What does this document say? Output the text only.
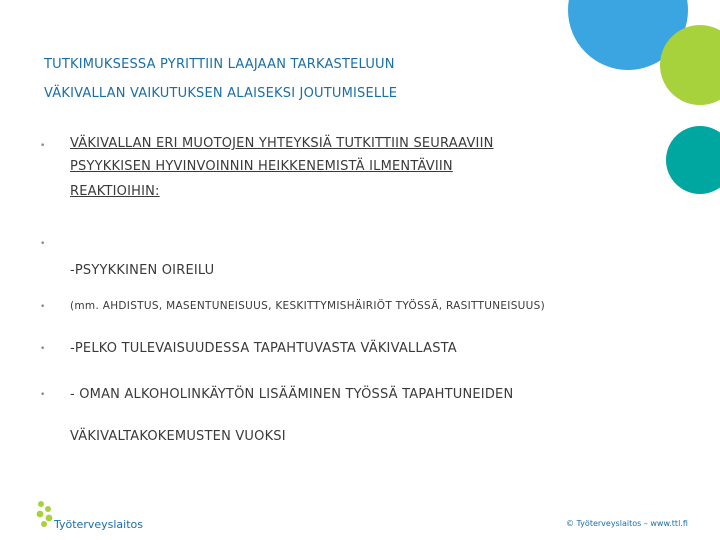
TUTKIMUKSESSA PYRITTIIN LAAJAAN TARKASTELUUN
VÄKIVALLAN VAIKUTUKSEN ALAISEKSI JOUTUMISELLE
• VÄKIVALLAN ERI MUOTOJEN YHTEYKSIÄ TUTKITTIIN SEURAAVIIN
PSYYKKISEN HYVINVOINNIN HEIKKENEMISTÄ ILMENTÄVIIN
REAKTIOIHIN:
•
-PSYYKKINEN OIREILU
• (mm. AHDISTUS, MASENTUNEISUUS, KESKITTYMISHÄIRIÖT TYÖSSÄ, RASITTUNEISUUS)
• -PELKO TULEVAISUUDESSA TAPAHTUVASTA VÄKIVALLASTA
• - OMAN ALKOHOLINKÄYTÖN LISÄÄMINEN TYÖSSÄ TAPAHTUNEIDEN
VÄKIVALTAKOKEMUSTEN VUOKSI
Työterveyslaitos	© Työterveyslaitos – www.ttl.fi
